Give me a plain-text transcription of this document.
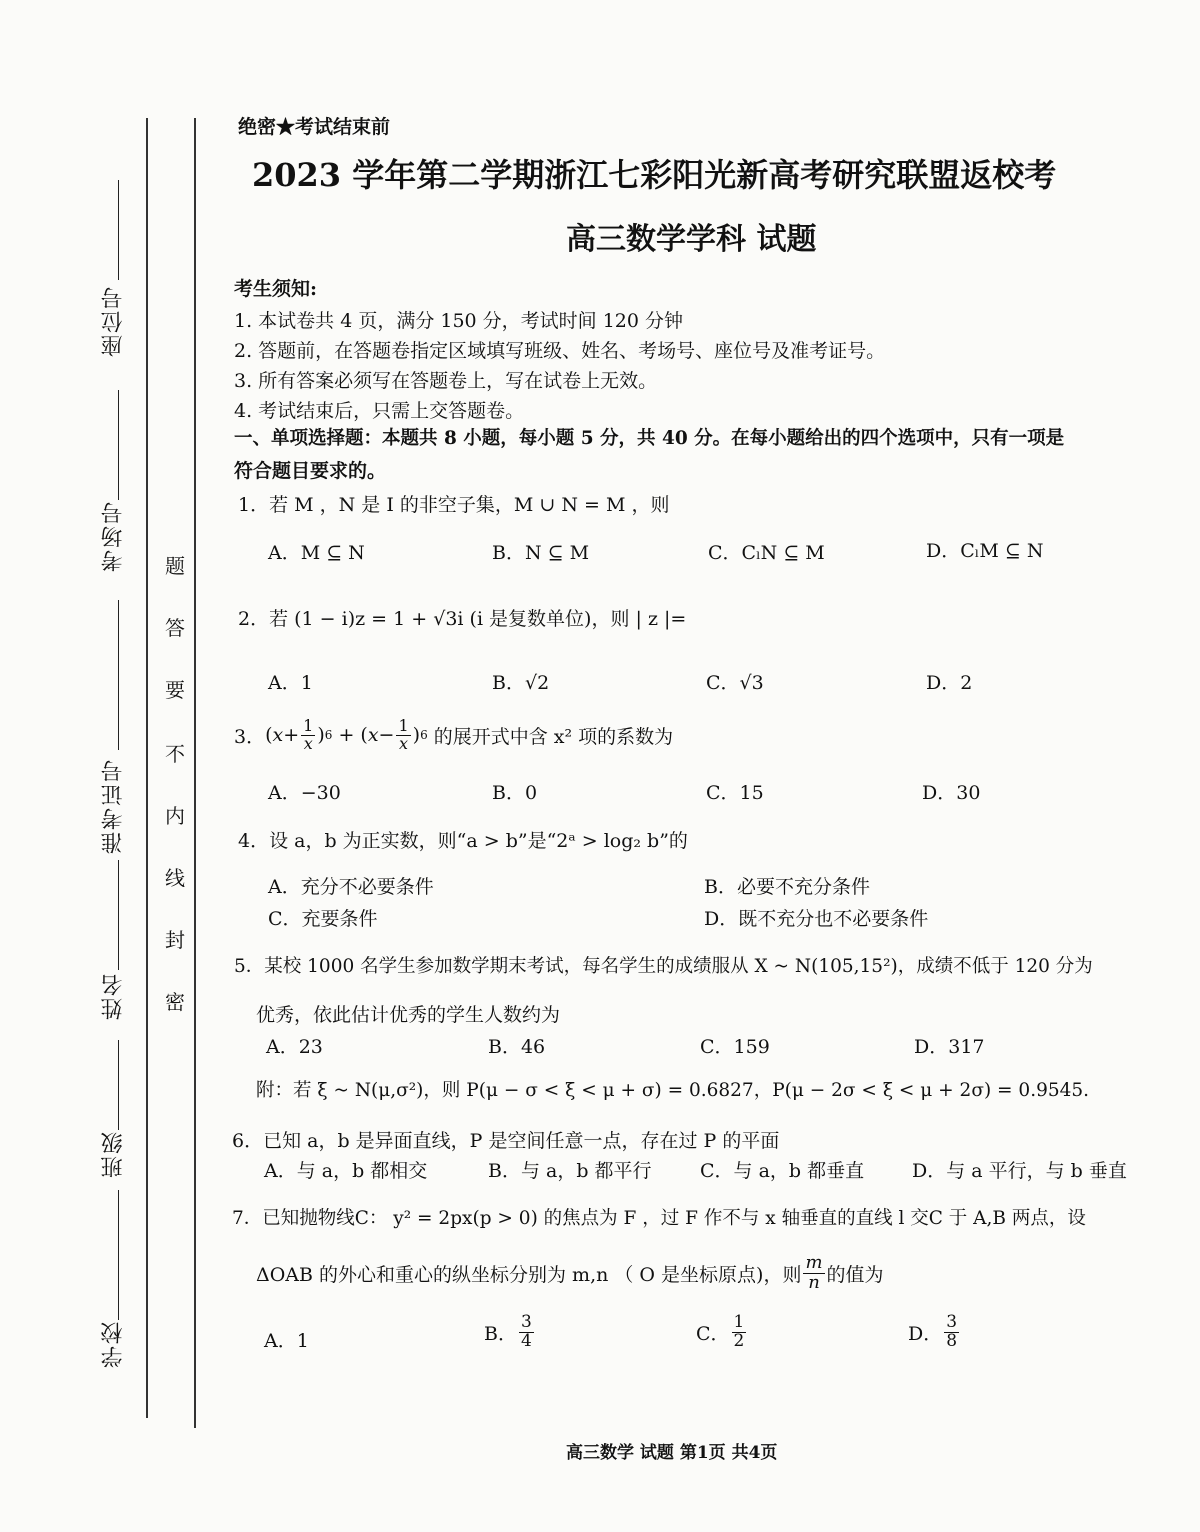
座位号
考场号
准考证号
姓名
班级
学校
题
答
要
不
内
线
封
密
绝密★考试结束前
2023 学年第二学期浙江七彩阳光新高考研究联盟返校考
高三数学学科 试题
考生须知:
1. 本试卷共 4 页，满分 150 分，考试时间 120 分钟
2. 答题前，在答题卷指定区域填写班级、姓名、考场号、座位号及准考证号。
3. 所有答案必须写在答题卷上，写在试卷上无效。
4. 考试结束后，只需上交答题卷。
一、单项选择题：本题共 8 小题，每小题 5 分，共 40 分。在每小题给出的四个选项中，只有一项是
符合题目要求的。
1．若 M ，N 是 I 的非空子集，M ∪ N = M ，则
A．M ⊆ N	B．N ⊆ M	C．CₗN ⊆ M	D．CₗM ⊆ N
2．若 (1 − i)z = 1 + √3i (i 是复数单位)，则 | z |=
A．1	B．√2	C．√3	D．2
3． ( $x + \frac{1}{x}$ ) 6 + ( $x - \frac{1}{x}$ ) 6
的展开式中含 x² 项的系数为
A．−30	B．0	C．15	D．30
4．设 a，b 为正实数，则“a > b”是“2ᵃ > log₂ b”的
A．充分不必要条件	B．必要不充分条件
C．充要条件	D．既不充分也不必要条件
5．某校 1000 名学生参加数学期末考试，每名学生的成绩服从 X ~ N(105,15²)，成绩不低于 120 分为
优秀，依此估计优秀的学生人数约为
A．23	B．46	C．159	D．317
附：若 ξ ~ N(μ,σ²)，则 P(μ − σ < ξ < μ + σ) = 0.6827，P(μ − 2σ < ξ < μ + 2σ) = 0.9545.
6．已知 a，b 是异面直线，P 是空间任意一点，存在过 P 的平面
A．与 a，b 都相交	B．与 a，b 都平行	C．与 a，b 都垂直	D．与 a 平行，与 b 垂直
7．已知抛物线C： y² = 2px(p > 0) 的焦点为 F ，过 F 作不与 x 轴垂直的直线 l 交C 于 A,B 两点，设
ΔOAB 的外心和重心的纵坐标分别为 m,n （ O 是坐标原点)，则 $\frac{m}{n}$ 的值为
A．1	B． $\frac{3}{4}$	C． $\frac{1}{2}$	D． $\frac{3}{8}$
高三数学 试题 第1页 共4页
